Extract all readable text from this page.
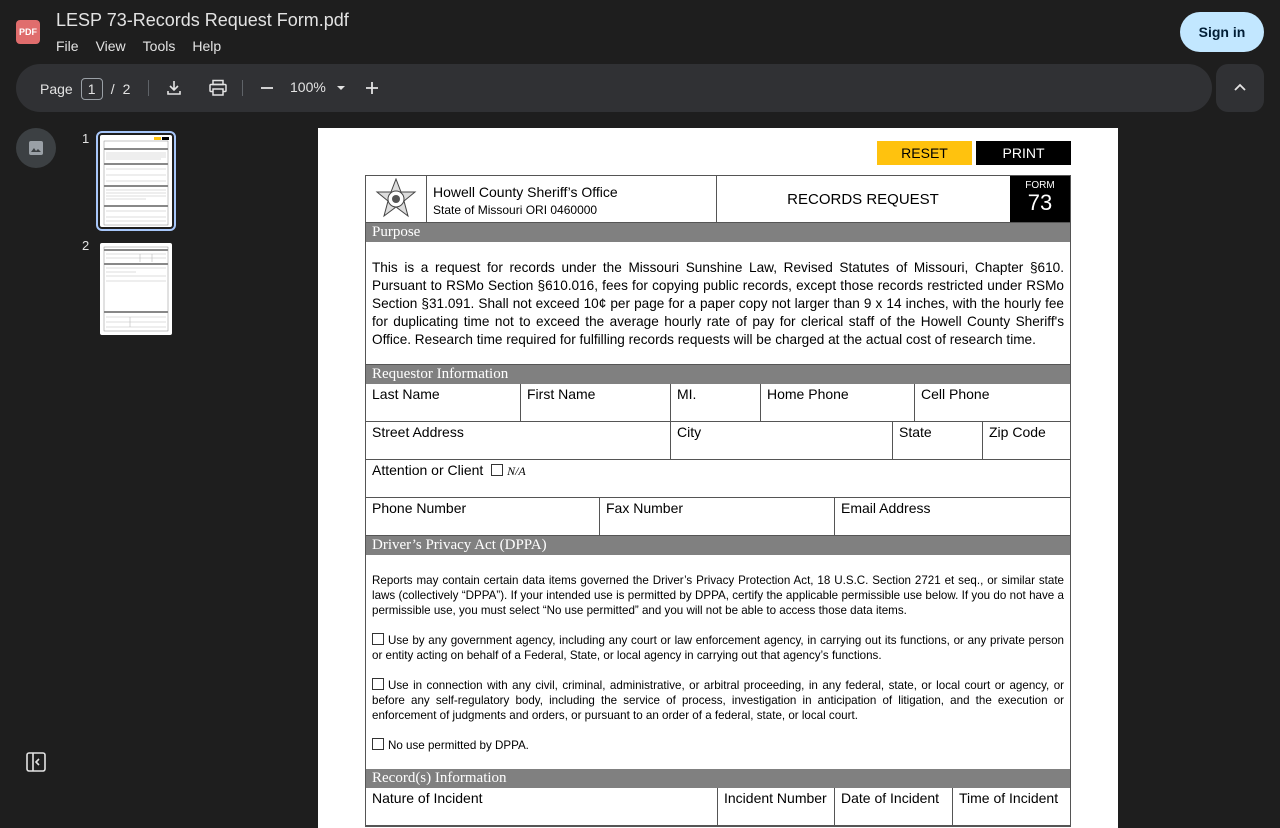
PDF
LESP 73-Records Request Form.pdf
File View Tools Help
Sign in
Page	1	/ 2	100%
1
2
RESET	PRINT
Howell County Sheriff’s Office
State of Missouri ORI 0460000
RECORDS REQUEST
FORM
73
Purpose
This is a request for records under the Missouri Sunshine Law, Revised Statutes of Missouri, Chapter §610. Pursuant to RSMo Section §610.016, fees for copying public records, except those records restricted under RSMo Section §31.091. Shall not exceed 10¢ per page for a paper copy not larger than 9 x 14 inches, with the hourly fee for duplicating time not to exceed the average hourly rate of pay for clerical staff of the Howell County Sheriff's Office. Research time required for fulfilling records requests will be charged at the actual cost of research time.
Requestor Information
Last Name	First Name	MI.	Home Phone	Cell Phone
Street Address	City	State	Zip Code
Attention or Client N/A
Phone Number	Fax Number	Email Address
Driver’s Privacy Act (DPPA)

Reports may contain certain data items governed the Driver’s Privacy Protection Act, 18 U.S.C. Section 2721 et seq., or similar state laws (collectively “DPPA”). If your intended use is permitted by DPPA, certify the applicable permissible use below. If you do not have a permissible use, you must select “No use permitted” and you will not be able to access those data items.

Use by any government agency, including any court or law enforcement agency, in carrying out its functions, or any private person or entity acting on behalf of a Federal, State, or local agency in carrying out that agency’s functions.

Use in connection with any civil, criminal, administrative, or arbitral proceeding, in any federal, state, or local court or agency, or before any self-regulatory body, including the service of process, investigation in anticipation of litigation, and the execution or enforcement of judgments and orders, or pursuant to an order of a federal, state, or local court.

No use permitted by DPPA.

Record(s) Information
Nature of Incident	Incident Number	Date of Incident	Time of Incident
